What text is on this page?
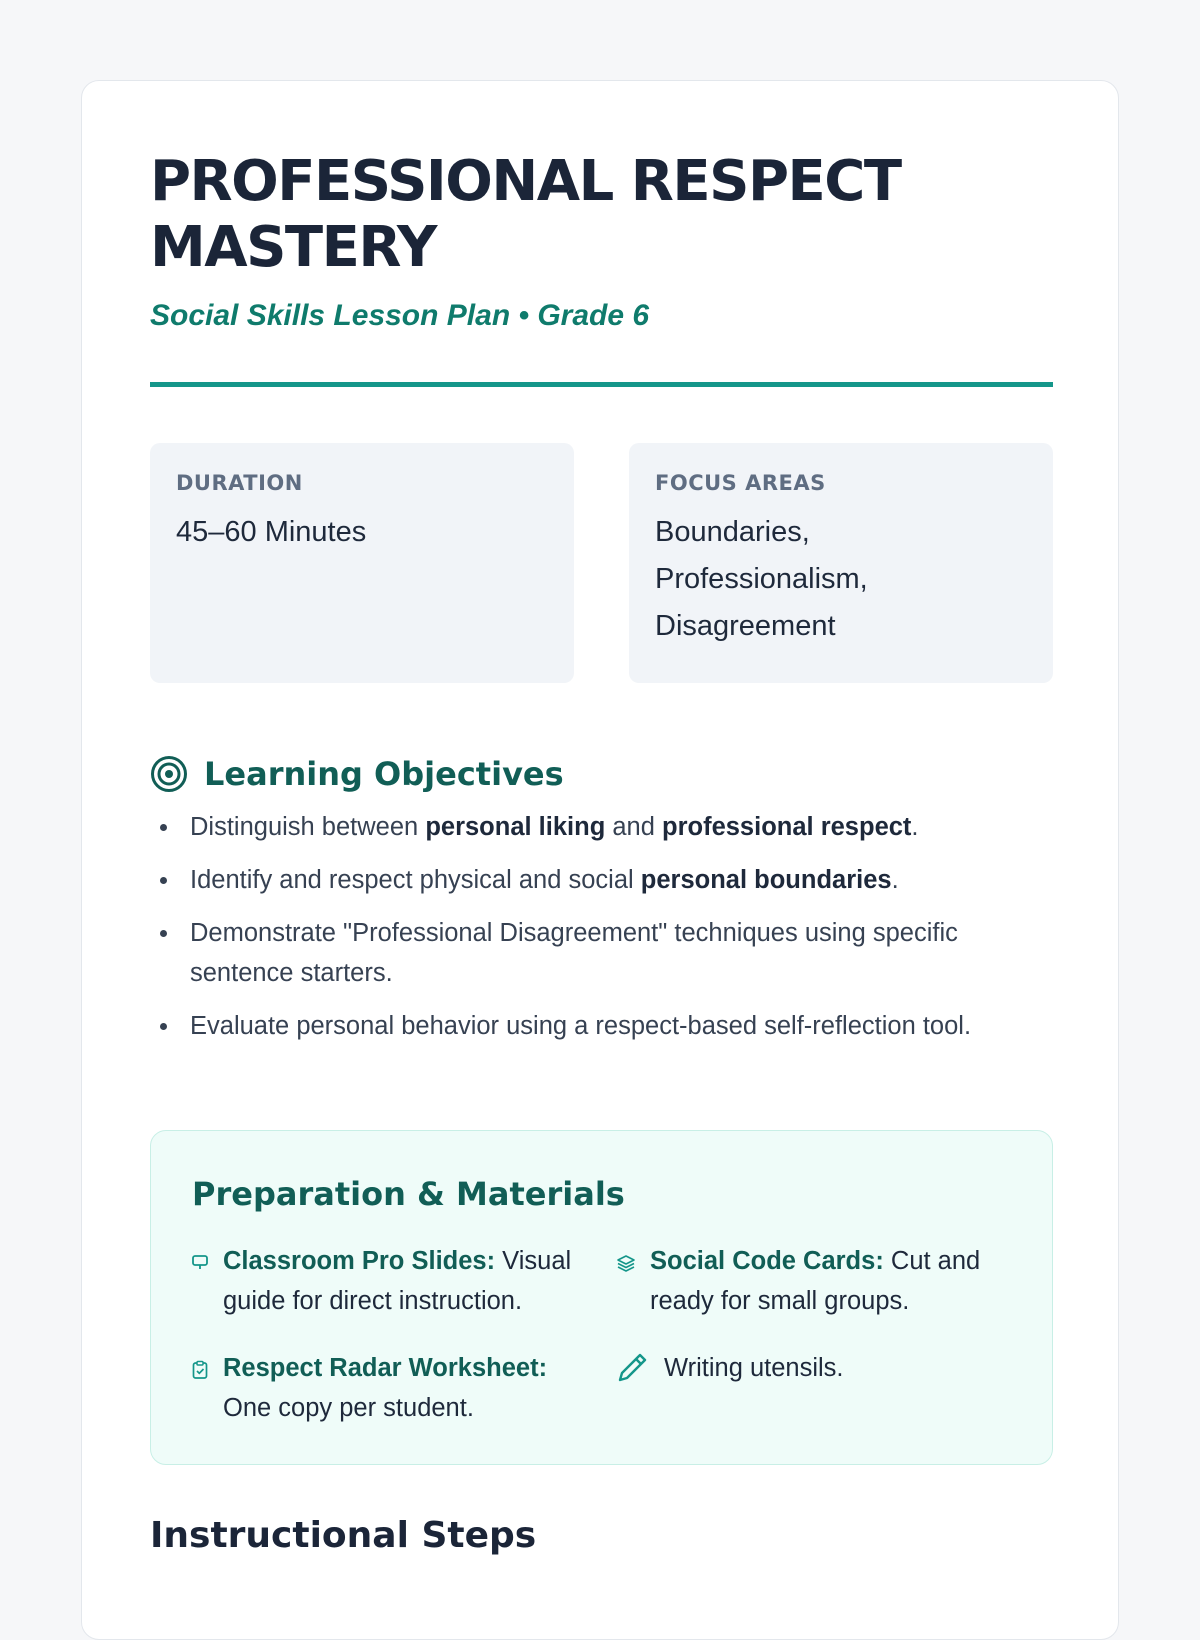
PROFESSIONAL RESPECT MASTERY
Social Skills Lesson Plan • Grade 6
DURATION
45–60 Minutes
FOCUS AREAS
Boundaries, Professionalism, Disagreement
Learning Objectives
Distinguish between personal liking and professional respect.
Identify and respect physical and social personal boundaries.
Demonstrate "Professional Disagreement" techniques using specific sentence starters.
Evaluate personal behavior using a respect-based self-reflection tool.
Preparation & Materials
Classroom Pro Slides: Visual guide for direct instruction.
Social Code Cards: Cut and ready for small groups.
Respect Radar Worksheet:
One copy per student.
Writing utensils.
Instructional Steps
